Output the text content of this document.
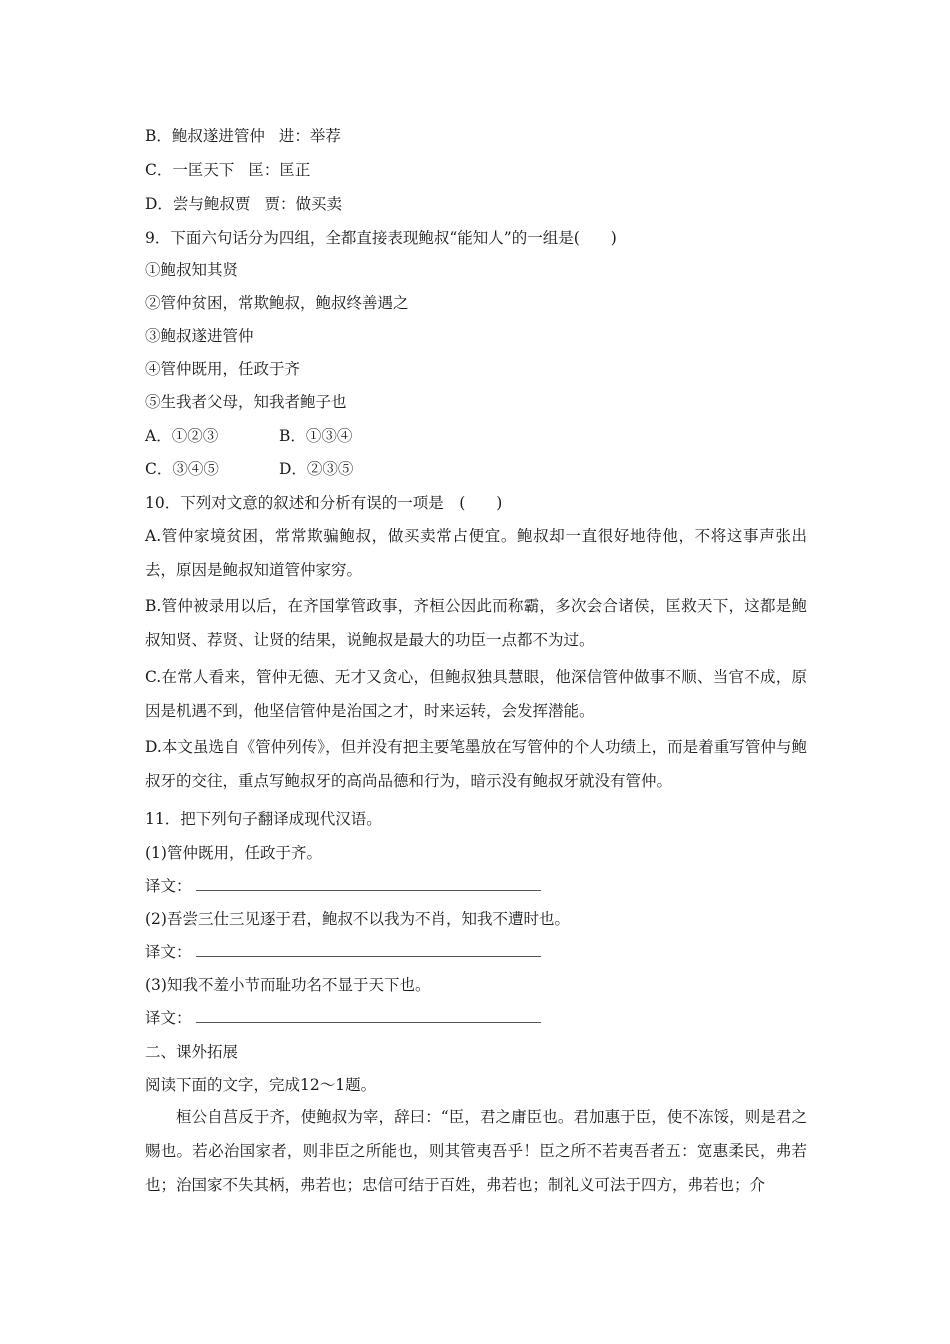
B．鲍叔遂进管仲 进：举荐
C．一匡天下 匡：匡正
D．尝与鲍叔贾 贾：做买卖
9．下面六句话分为四组，全都直接表现鲍叔“能知人”的一组是(　　)
①鲍叔知其贤
②管仲贫困，常欺鲍叔，鲍叔终善遇之
③鲍叔遂进管仲
④管仲既用，任政于齐
⑤生我者父母，知我者鲍子也
A．①②③	B．①③④
C．③④⑤	D．②③⑤
10．下列对文意的叙述和分析有误的一项是　(　　)
A.管仲家境贫困，常常欺骗鲍叔，做买卖常占便宜。鲍叔却一直很好地待他，不将这事声张出去，原因是鲍叔知道管仲家穷。
B.管仲被录用以后，在齐国掌管政事，齐桓公因此而称霸，多次会合诸侯，匡救天下，这都是鲍叔知贤、荐贤、让贤的结果，说鲍叔是最大的功臣一点都不为过。
C.在常人看来，管仲无德、无才又贪心，但鲍叔独具慧眼，他深信管仲做事不顺、当官不成，原因是机遇不到，他坚信管仲是治国之才，时来运转，会发挥潜能。
D.本文虽选自《管仲列传》，但并没有把主要笔墨放在写管仲的个人功绩上，而是着重写管仲与鲍叔牙的交往，重点写鲍叔牙的高尚品德和行为，暗示没有鲍叔牙就没有管仲。
11．把下列句子翻译成现代汉语。
(1)管仲既用，任政于齐。
译文：
(2)吾尝三仕三见逐于君，鲍叔不以我为不肖，知我不遭时也。
译文：
(3)知我不羞小节而耻功名不显于天下也。
译文：
二、课外拓展
阅读下面的文字，完成12～1题。
桓公自莒反于齐，使鲍叔为宰，辞曰：“臣，君之庸臣也。君加惠于臣，使不冻馁，则是君之赐也。若必治国家者，则非臣之所能也，则其管夷吾乎！臣之所不若夷吾者五：宽惠柔民，弗若也；治国家不失其柄，弗若也；忠信可结于百姓，弗若也；制礼义可法于四方，弗若也；介
